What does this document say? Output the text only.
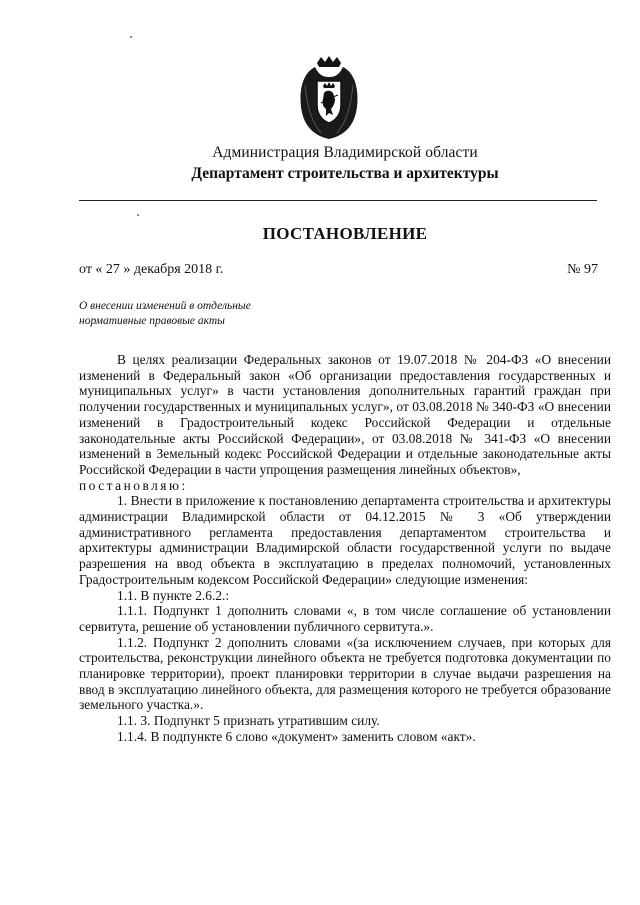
Администрация Владимирской области
Департамент строительства и архитектуры
ПОСТАНОВЛЕНИЕ
от « 27 » декабря 2018 г.	№ 97
О внесении изменений в отдельные
нормативные правовые акты

В целях реализации Федеральных законов от 19.07.2018 № 204-ФЗ «О внесении изменений в Федеральный закон «Об организации предоставления государственных и муниципальных услуг» в части установления дополнительных гарантий граждан при получении государственных и муниципальных услуг», от 03.08.2018 № 340-ФЗ «О внесении изменений в Градостроительный кодекс Российской Федерации и отдельные законодательные акты Российской Федерации», от 03.08.2018 № 341-ФЗ «О внесении изменений в Земельный кодекс Российской Федерации и отдельные законодательные акты Российской Федерации в части упрощения размещения линейных объектов»,

постановляю:

1. Внести в приложение к постановлению департамента строительства и архитектуры администрации Владимирской области от 04.12.2015 № 3 «Об утверждении административного регламента предоставления департаментом строительства и архитектуры администрации Владимирской области государственной услуги по выдаче разрешения на ввод объекта в эксплуатацию в пределах полномочий, установленных Градостроительным кодексом Российской Федерации» следующие изменения:

1.1. В пункте 2.6.2.:

1.1.1. Подпункт 1 дополнить словами «, в том числе соглашение об установлении сервитута, решение об установлении публичного сервитута.».

1.1.2. Подпункт 2 дополнить словами «(за исключением случаев, при которых для строительства, реконструкции линейного объекта не требуется подготовка документации по планировке территории), проект планировки территории в случае выдачи разрешения на ввод в эксплуатацию линейного объекта, для размещения которого не требуется образование земельного участка.».

1.1. 3. Подпункт 5 признать утратившим силу.

1.1.4. В подпункте 6 слово «документ» заменить словом «акт».
